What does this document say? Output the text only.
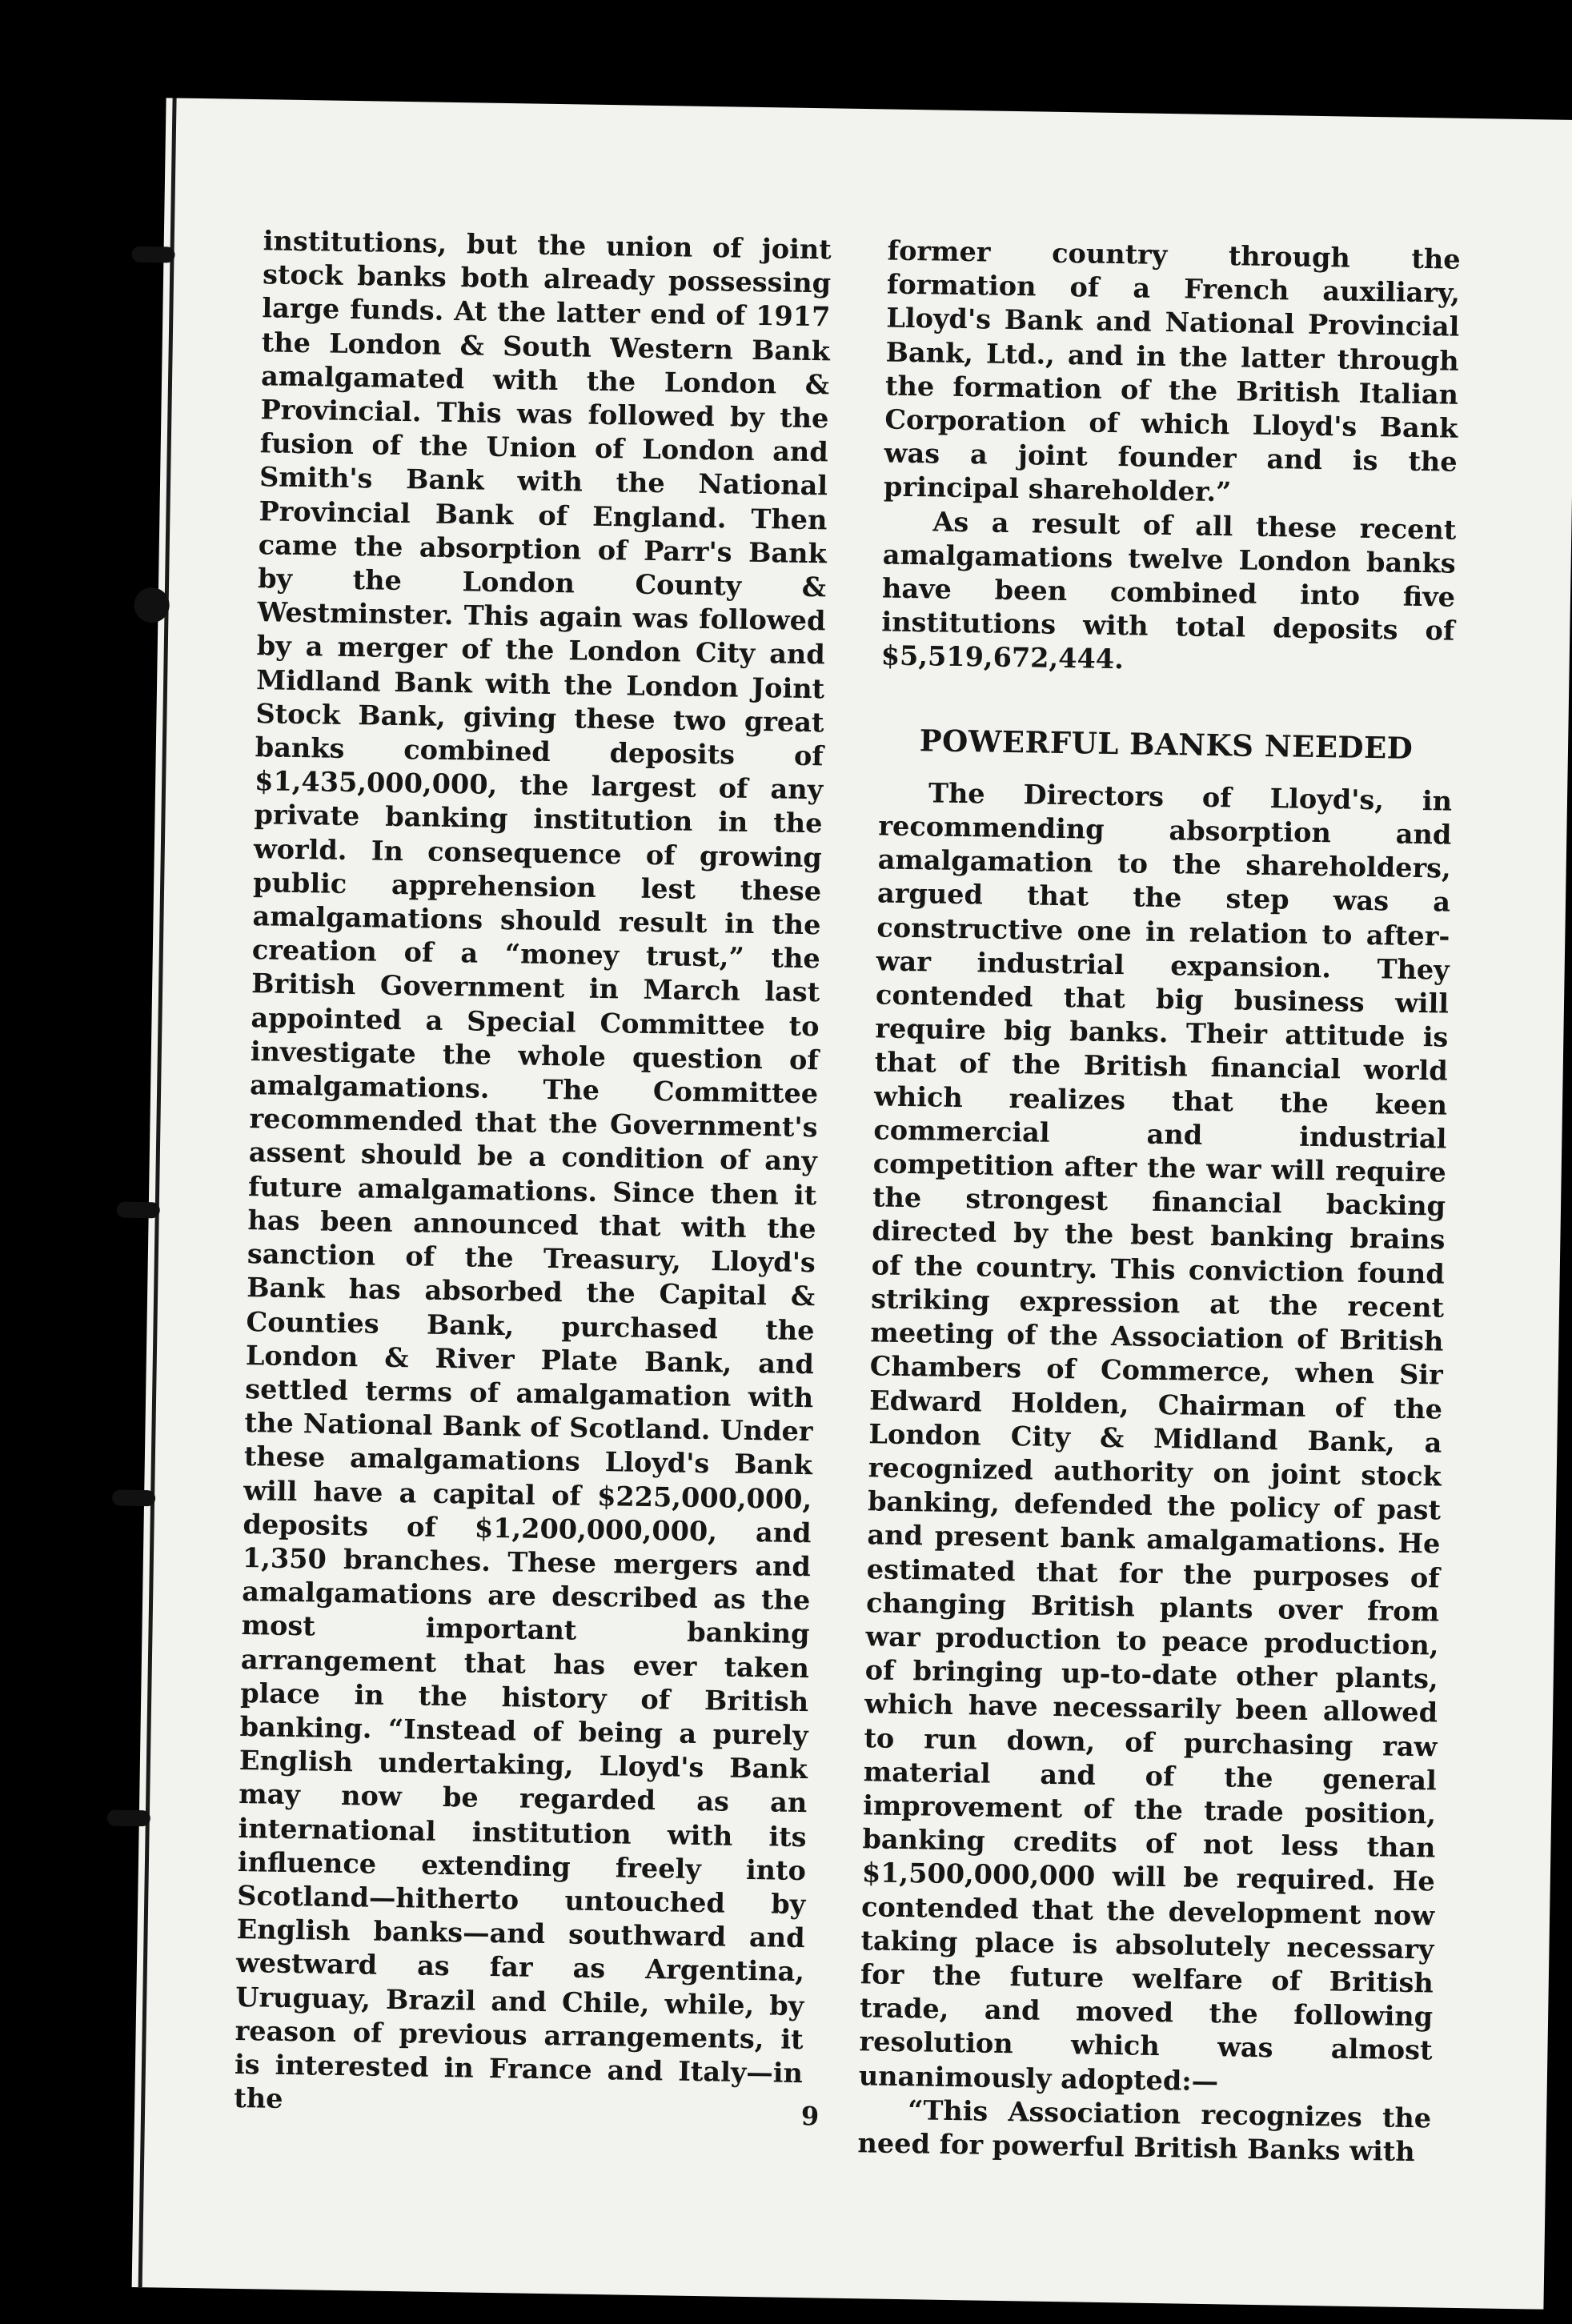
institutions, but the union of joint stock banks both already possessing large funds. At the latter end of 1917 the London & South Western Bank amalgamated with the London & Provincial. This was followed by the fusion of the Union of London and Smith's Bank with the National Provincial Bank of England. Then came the absorption of Parr's Bank by the London County & Westminster. This again was followed by a merger of the London City and Midland Bank with the London Joint Stock Bank, giving these two great banks combined deposits of $1,435,000,000, the largest of any private banking institution in the world. In consequence of growing public apprehension lest these amalgamations should result in the creation of a “money trust,” the British Government in March last appointed a Special Committee to investigate the whole question of amalgamations. The Committee recommended that the Government's assent should be a condition of any future amalgamations. Since then it has been announced that with the sanction of the Treasury, Lloyd's Bank has absorbed the Capital & Counties Bank, purchased the London & River Plate Bank, and settled terms of amalgamation with the National Bank of Scotland. Under these amalgamations Lloyd's Bank will have a capital of $225,000,000, deposits of $1,200,000,000, and 1,350 branches. These mergers and amalgamations are described as the most important banking arrangement that has ever taken place in the history of British banking. “Instead of being a purely English undertaking, Lloyd's Bank may now be regarded as an international institution with its influence extending freely into Scotland—hitherto untouched by English banks—and southward and westward as far as Argentina, Uruguay, Brazil and Chile, while, by reason of previous arrangements, it is interested in France and Italy—in the

former country through the formation of a French auxiliary, Lloyd's Bank and National Provincial Bank, Ltd., and in the latter through the formation of the British Italian Corporation of which Lloyd's Bank was a joint founder and is the principal shareholder.”

As a result of all these recent amalgamations twelve London banks have been combined into five institutions with total deposits of $5,519,672,444.

POWERFUL BANKS NEEDED

The Directors of Lloyd's, in recommending absorption and amalgamation to the shareholders, argued that the step was a constructive one in relation to after-war industrial expansion. They contended that big business will require big banks. Their attitude is that of the British financial world which realizes that the keen commercial and industrial competition after the war will require the strongest financial backing directed by the best banking brains of the country. This conviction found striking expression at the recent meeting of the Association of British Chambers of Commerce, when Sir Edward Holden, Chairman of the London City & Midland Bank, a recognized authority on joint stock banking, defended the policy of past and present bank amalgamations. He estimated that for the purposes of changing British plants over from war production to peace production, of bringing up-to-date other plants, which have necessarily been allowed to run down, of purchasing raw material and of the general improvement of the trade position, banking credits of not less than $1,500,000,000 will be required. He contended that the development now taking place is absolutely necessary for the future welfare of British trade, and moved the following resolution which was almost unanimously adopted:—

“This Association recognizes the need for powerful British Banks with

9
